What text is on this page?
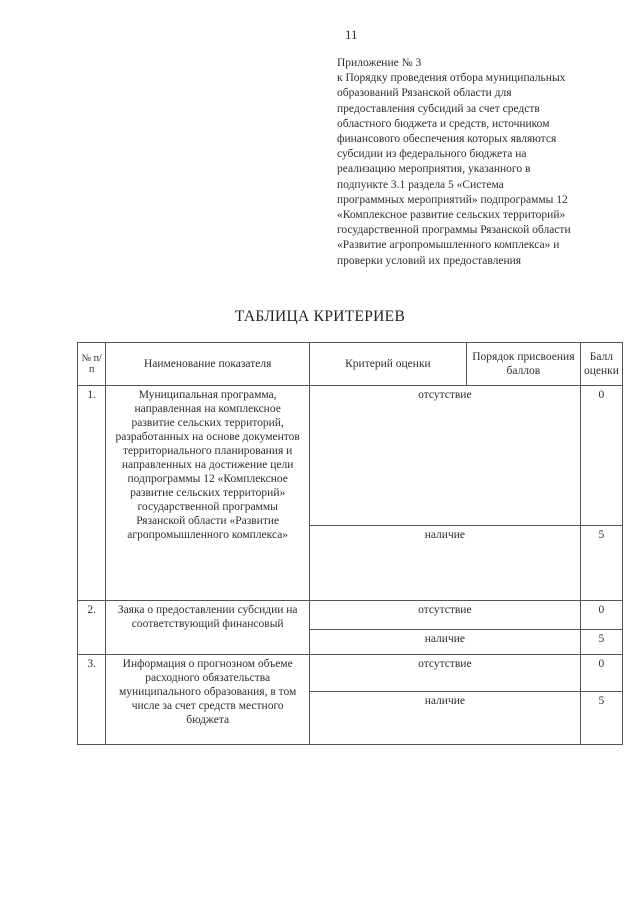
11
Приложение № 3
к Порядку проведения отбора муниципальных
образований Рязанской области для
предоставления субсидий за счет средств
областного бюджета и средств, источником
финансового обеспечения которых являются
субсидии из федерального бюджета на
реализацию мероприятия, указанного в
подпункте 3.1 раздела 5 «Система
программных мероприятий» подпрограммы 12
«Комплексное развитие сельских территорий»
государственной программы Рязанской области
«Развитие агропромышленного комплекса» и
проверки условий их предоставления
ТАБЛИЦА КРИТЕРИЕВ
№ п/п	Наименование показателя	Критерий оценки	Порядок присвоения баллов	Балл оценки
1.	Муниципальная программа, направленная на комплексное развитие сельских территорий, разработанных на основе документов территориального планирования и направленных на достижение цели подпрограммы 12 «Комплексное развитие сельских территорий» государственной программы Рязанской области «Развитие агропромышленного комплекса»	отсутствие		0
		наличие		5
2.	Заяка о предоставлении субсидии на соответствующий финансовый	отсутствие		0
		наличие		5
3.	Информация о прогнозном объеме расходного обязательства муниципального образования, в том числе за счет средств местного бюджета	отсутствие		0
		наличие		5
